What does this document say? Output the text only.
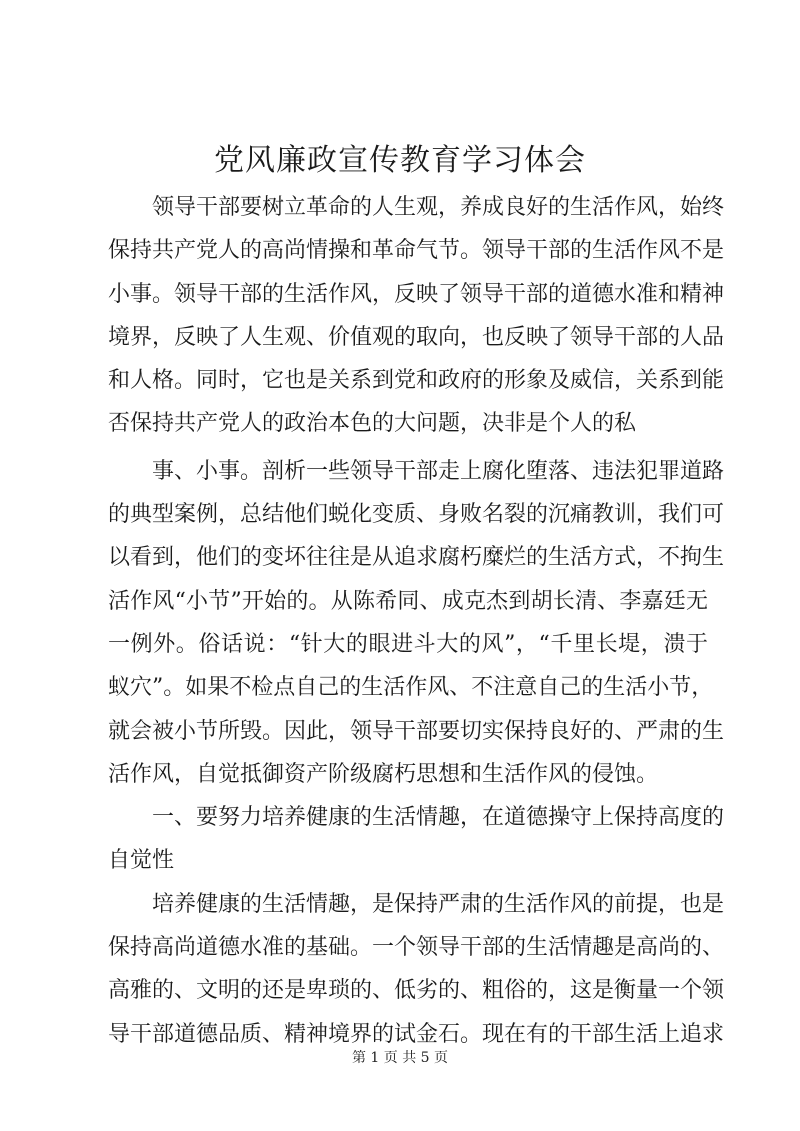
党风廉政宣传教育学习体会
领导干部要树立革命的人生观，养成良好的生活作风，始终
保持共产党人的高尚情操和革命气节。领导干部的生活作风不是
小事。领导干部的生活作风，反映了领导干部的道德水准和精神
境界，反映了人生观、价值观的取向，也反映了领导干部的人品
和人格。同时，它也是关系到党和政府的形象及威信，关系到能
否保持共产党人的政治本色的大问题，决非是个人的私
事、小事。剖析一些领导干部走上腐化堕落、违法犯罪道路
的典型案例，总结他们蜕化变质、身败名裂的沉痛教训，我们可
以看到，他们的变坏往往是从追求腐朽糜烂的生活方式，不拘生
活作风“小节”开始的。从陈希同、成克杰到胡长清、李嘉廷无
一例外。俗话说：“针大的眼进斗大的风”，“千里长堤，溃于
蚁穴”。如果不检点自己的生活作风、不注意自己的生活小节，
就会被小节所毁。因此，领导干部要切实保持良好的、严肃的生
活作风，自觉抵御资产阶级腐朽思想和生活作风的侵蚀。
一、要努力培养健康的生活情趣，在道德操守上保持高度的
自觉性
培养健康的生活情趣，是保持严肃的生活作风的前提，也是
保持高尚道德水准的基础。一个领导干部的生活情趣是高尚的、
高雅的、文明的还是卑琐的、低劣的、粗俗的，这是衡量一个领
导干部道德品质、精神境界的试金石。现在有的干部生活上追求
第 1 页 共 5 页
